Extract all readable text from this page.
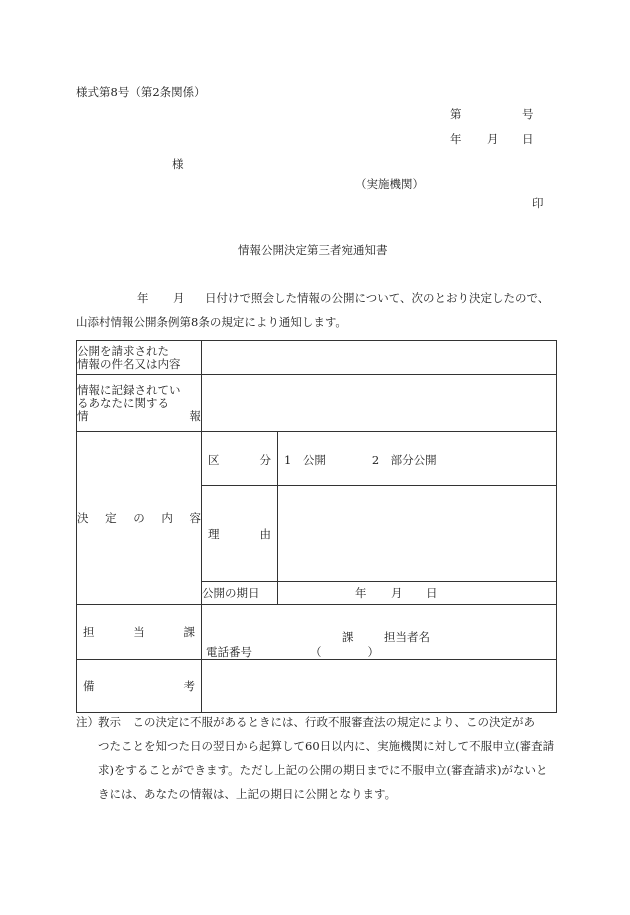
様式第8号（第2条関係）
第	号
年 月 日
様
（実施機関）
印
情報公開決定第三者宛通知書
年 月 日付けで照会した情報の公開について、次のとおり決定したので、
山添村情報公開条例第8条の規定により通知します。
公開を請求された
情報の件名又は内容		

情報に記録されてい
るあなたに関する
情 報		

決 定 の 内 容	区 分	1　公開　　　　2　部分公開

	理 由	

	公開の期日	年 月 日

担 当 課	課 担当者名
電話番号 （　　　　）	

備 考		

注） 教示　この決定に不服があるときには、行政不服審査法の規定により、この決定があ

つたことを知つた日の翌日から起算して60日以内に、実施機関に対して不服申立(審査請

求)をすることができます。ただし上記の公開の期日までに不服申立(審査請求)がないと

きには、あなたの情報は、上記の期日に公開となります。
